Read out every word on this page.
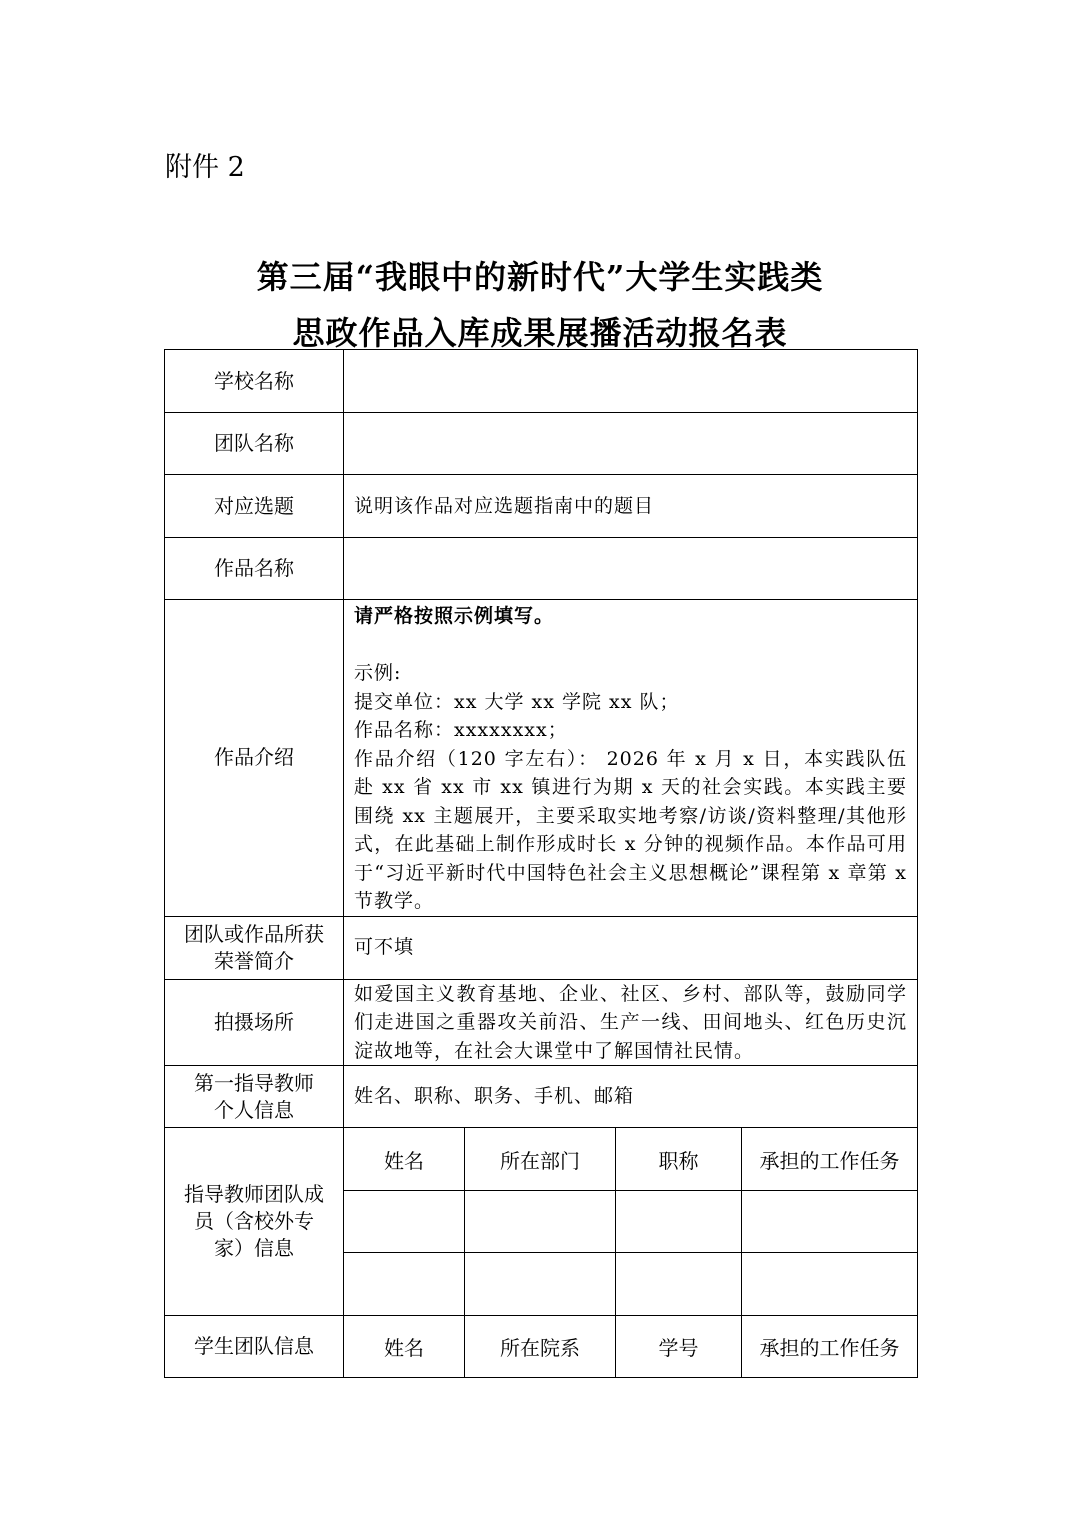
附件 2
第三届“我眼中的新时代”大学生实践类
思政作品入库成果展播活动报名表
学校名称				
团队名称				
对应选题	说明该作品对应选题指南中的题目			
作品名称				
作品介绍	请严格按照示例填写。
示例:
提交单位：xx 大学 xx 学院 xx 队；
作品名称：xxxxxxxx；
作品介绍（120 字左右）： 2026 年 x 月 x 日，本实践队伍赴 xx 省 xx 市 xx 镇进行为期 x 天的社会实践。本实践主要围绕 xx 主题展开，主要采取实地考察/访谈/资料整理/其他形式，在此基础上制作形成时长 x 分钟的视频作品。本作品可用于“习近平新时代中国特色社会主义思想概论”课程第 x 章第 x 节教学。			

团队或作品所获
荣誉简介	可不填			
拍摄场所	如爱国主义教育基地、企业、社区、乡村、部队等，鼓励同学们走进国之重器攻关前沿、生产一线、田间地头、红色历史沉淀故地等，在社会大课堂中了解国情社民情。			

第一指导教师
个人信息	姓名、职称、职务、手机、邮箱			

指导教师团队成
员（含校外专
家）信息	姓名	所在部门	职称	承担的工作任务

学生团队信息	姓名	所在院系	学号	承担的工作任务
